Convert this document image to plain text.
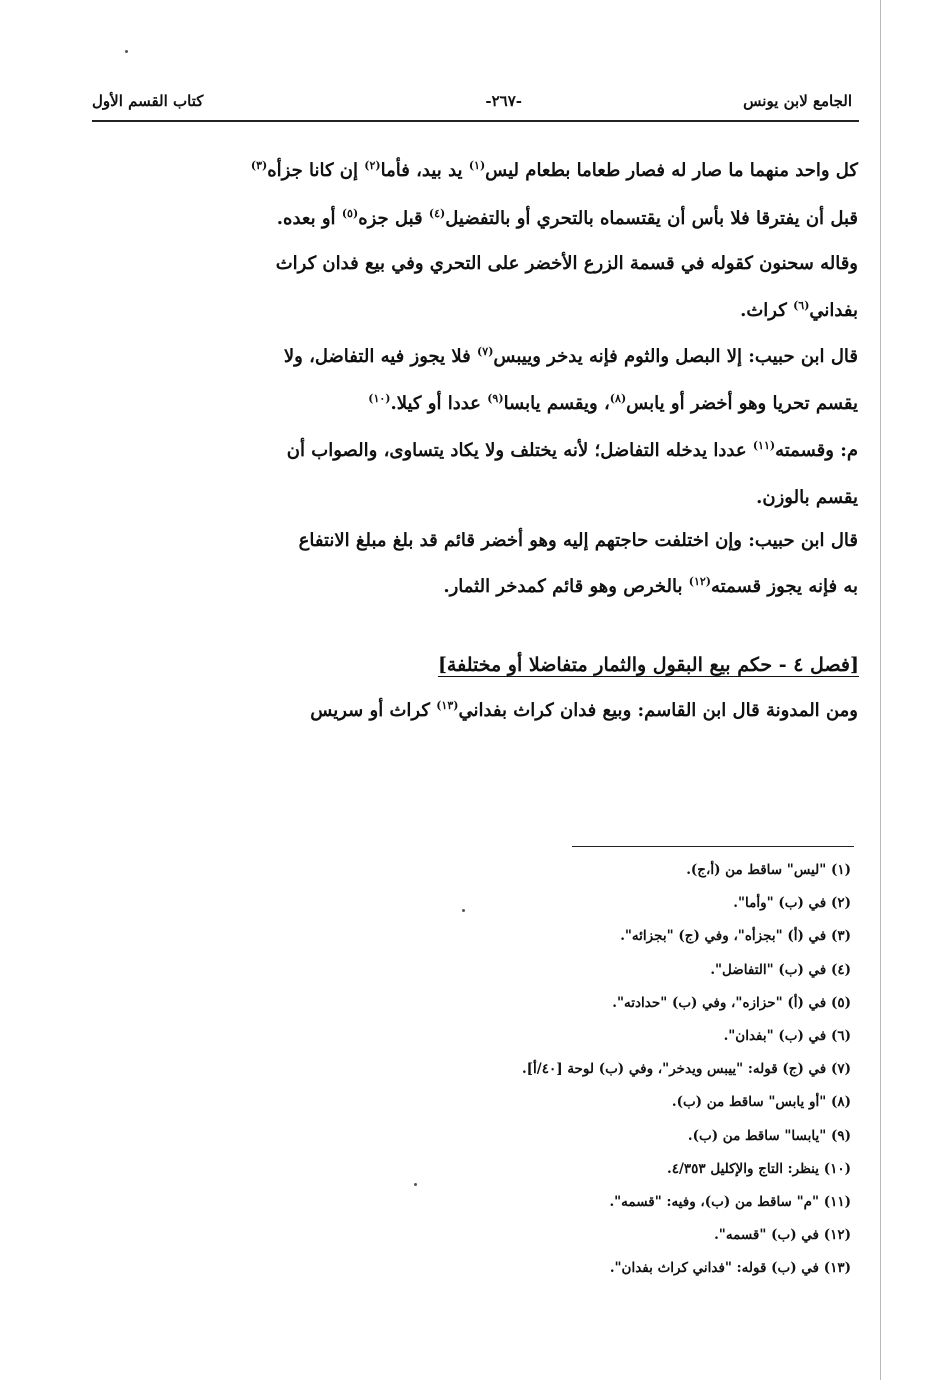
الجامع لابن يونس
-٢٦٧-
كتاب القسم الأول
كل واحد منهما ما صار له فصار طعاما بطعام ليس$^{(١)}$ يد بيد، فأما$^{(٢)}$ إن كانا جزأه$^{(٣)}$
قبل أن يفترقا فلا بأس أن يقتسماه بالتحري أو بالتفضيل$^{(٤)}$ قبل جزه$^{(٥)}$ أو بعده.
وقاله سحنون كقوله في قسمة الزرع الأخضر على التحري وفي بيع فدان كراث
بفداني$^{(٦)}$ كراث.
قال ابن حبيب: إلا البصل والثوم فإنه يدخر وييبس$^{(٧)}$ فلا يجوز فيه التفاضل، ولا
يقسم تحريا وهو أخضر أو يابس$^{(٨)}$، ويقسم يابسا$^{(٩)}$ عددا أو كيلا.$^{(١٠)}$
م: وقسمته$^{(١١)}$ عددا يدخله التفاضل؛ لأنه يختلف ولا يكاد يتساوى، والصواب أن
يقسم بالوزن.
قال ابن حبيب: وإن اختلفت حاجتهم إليه وهو أخضر قائم قد بلغ مبلغ الانتفاع
به فإنه يجوز قسمته$^{(١٢)}$ بالخرص وهو قائم كمدخر الثمار.
[فصل ٤ - حكم بيع البقول والثمار متفاضلا أو مختلفة]
ومن المدونة قال ابن القاسم: وبيع فدان كراث بفداني$^{(١٣)}$ كراث أو سريس
(١) "ليس" ساقط من (أ،ج).
(٢) في (ب) "وأما".
(٣) في (أ) "بجزأه"، وفي (ج) "بجزائه".
(٤) في (ب) "التفاضل".
(٥) في (أ) "حزازه"، وفي (ب) "حدادته".
(٦) في (ب) "بفدان".
(٧) في (ج) قوله: "ييبس ويدخر"، وفي (ب) لوحة [٤٠/أ].
(٨) "أو يابس" ساقط من (ب).
(٩) "يابسا" ساقط من (ب).
(١٠) ينظر: التاج والإكليل ٤/٣٥٣.
(١١) "م" ساقط من (ب)، وفيه: "قسمه".
(١٢) في (ب) "قسمه".
(١٣) في (ب) قوله: "فداني كراث بفدان".
